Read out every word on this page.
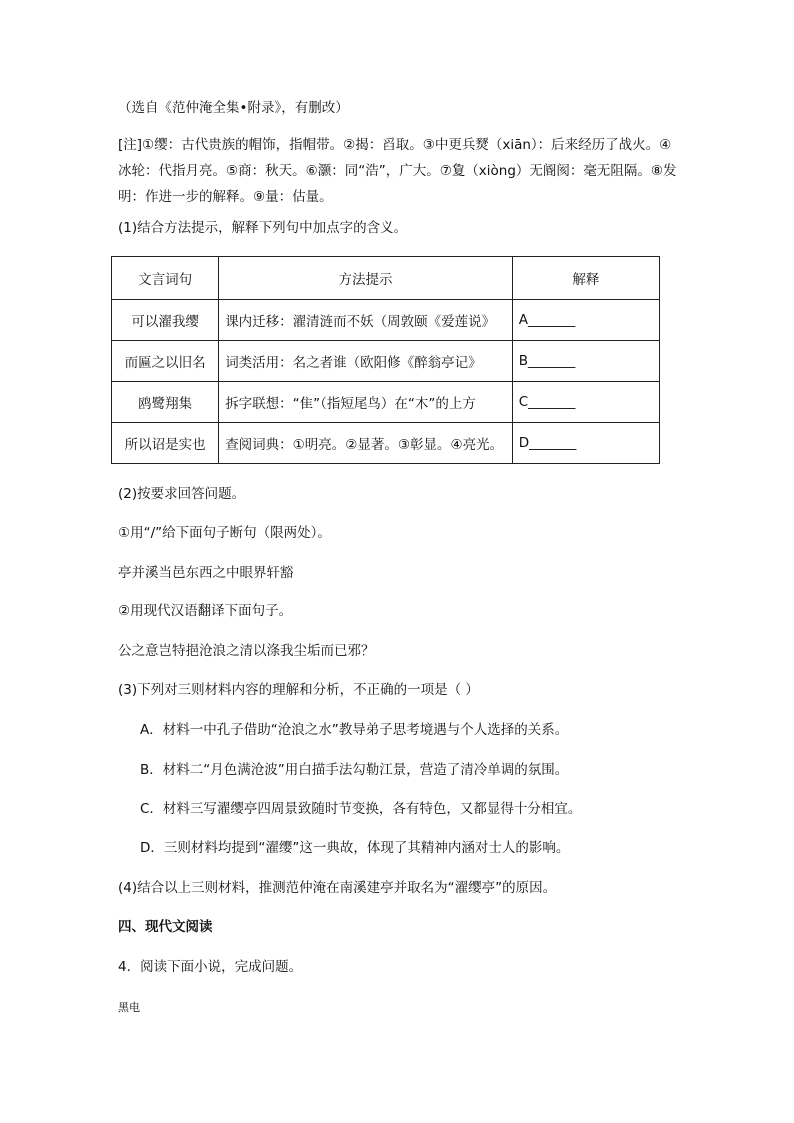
（选自《范仲淹全集•附录》，有删改）
[注]①缨：古代贵族的帽饰，指帽带。②揭：舀取。③中更兵燹（xiān）：后来经历了战火。④冰轮：代指月亮。⑤商：秋天。⑥灏：同“浩”，广大。⑦夐（xiòng）无阍阂：毫无阻隔。⑧发明：作进一步的解释。⑨量：估量。
(1)结合方法提示，解释下列句中加点字的含义。
文言词句	方法提示	解释
可以濯我缨	课内迁移：濯清涟而不妖（周敦颐《爱莲说》	A_______
而匾之以旧名	词类活用：名之者谁（欧阳修《醉翁亭记》	B_______
鸥鹭翔集	拆字联想：“隹”（指短尾鸟）在“木”的上方	C_______
所以诏是实也	查阅词典：①明亮。②显著。③彰显。④亮光。	D_______
(2)按要求回答问题。
①用“/”给下面句子断句（限两处）。
亭并溪当邑东西之中眼界轩豁
②用现代汉语翻译下面句子。
公之意岂特挹沧浪之清以涤我尘垢而已邪？
(3)下列对三则材料内容的理解和分析，不正确的一项是（ ）
A．材料一中孔子借助“沧浪之水”教导弟子思考境遇与个人选择的关系。
B．材料二“月色满沧波”用白描手法勾勒江景，营造了清冷单调的氛围。
C．材料三写濯缨亭四周景致随时节变换，各有特色，又都显得十分相宜。
D．三则材料均提到“濯缨”这一典故，体现了其精神内涵对士人的影响。
(4)结合以上三则材料，推测范仲淹在南溪建亭并取名为“濯缨亭”的原因。
四、现代文阅读
4．阅读下面小说，完成问题。
黑电
